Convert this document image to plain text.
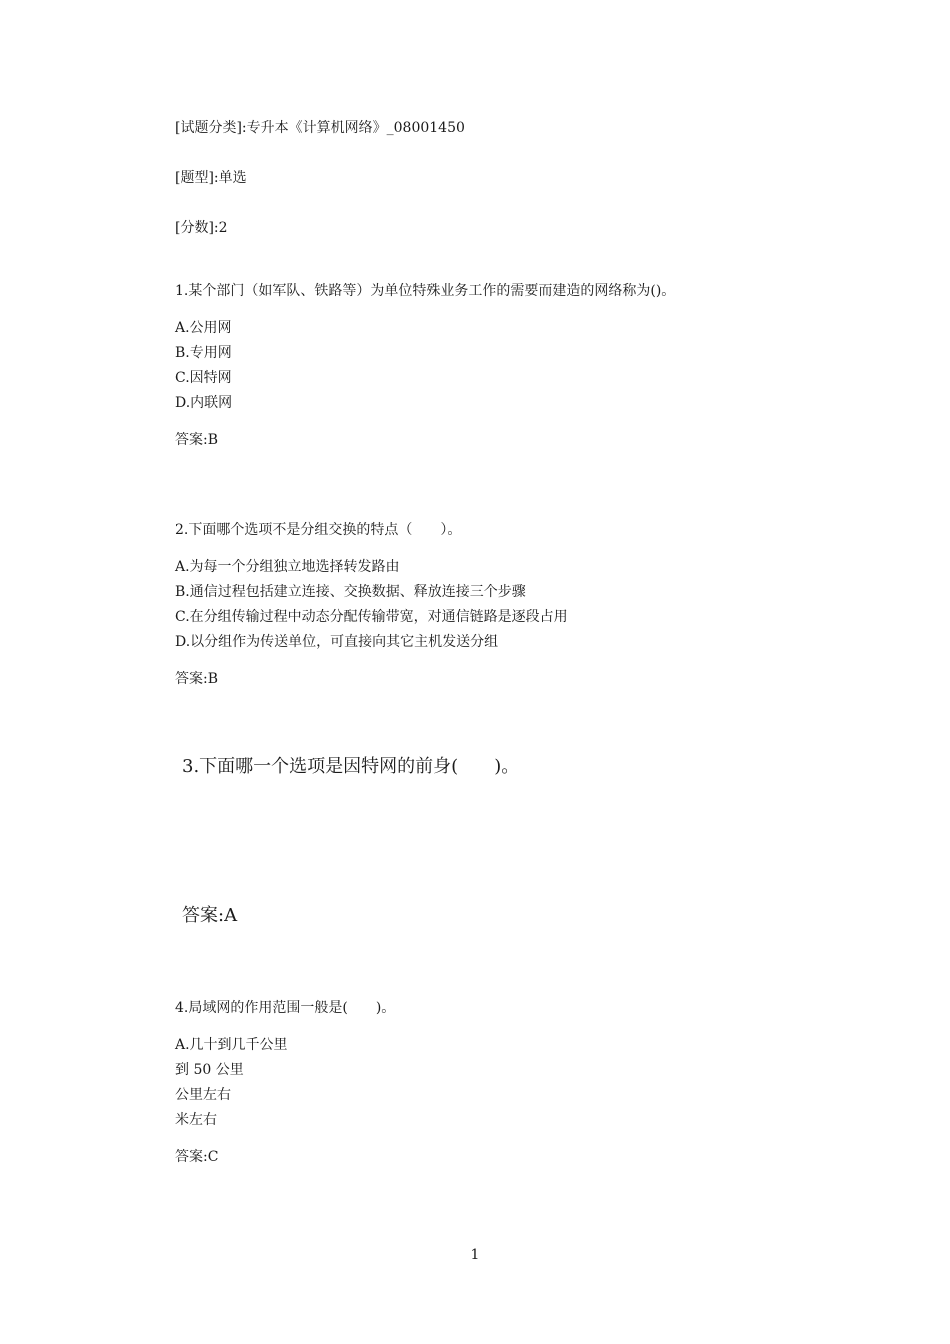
[试题分类]:专升本《计算机网络》_08001450
[题型]:单选
[分数]:2
1.某个部门（如军队、铁路等）为单位特殊业务工作的需要而建造的网络称为()。
A.公用网
B.专用网
C.因特网
D.内联网
答案:B
2.下面哪个选项不是分组交换的特点（　　）。
A.为每一个分组独立地选择转发路由
B.通信过程包括建立连接、交换数据、释放连接三个步骤
C.在分组传输过程中动态分配传输带宽，对通信链路是逐段占用
D.以分组作为传送单位，可直接向其它主机发送分组
答案:B
3.下面哪一个选项是因特网的前身(　　)。
答案:A
4.局域网的作用范围一般是(　　)。
A.几十到几千公里
到 50 公里
公里左右
米左右
答案:C
1
